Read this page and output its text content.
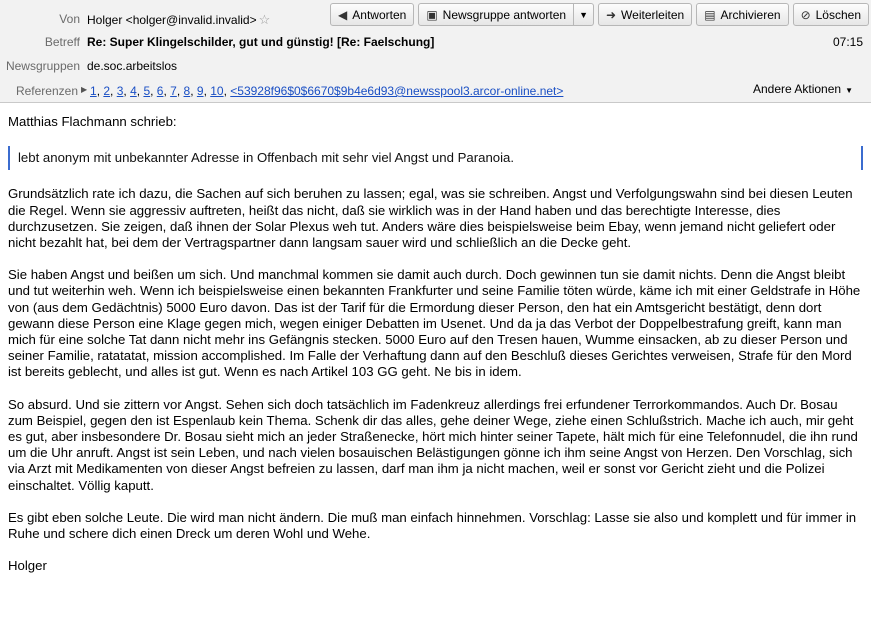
Von Holger <holger@invalid.invalid> ☆	◀ Antworten ▣ Newsgruppe antworten ▼ ➜ Weiterleiten ▤ Archivieren ⊘ Löschen
Betreff Re: Super Klingelschilder, gut und günstig! [Re: Faelschung]	07:15
Newsgruppen de.soc.arbeitslos
Referenzen ▶ 1, 2, 3, 4, 5, 6, 7, 8, 9, 10, <53928f96$0$6670$9b4e6d93@newsspool3.arcor-online.net>	Andere Aktionen ▼

Matthias Flachmann schrieb:

lebt anonym mit unbekannter Adresse in Offenbach mit sehr viel Angst und Paranoia.

Grundsätzlich rate ich dazu, die Sachen auf sich beruhen zu lassen; egal, was sie schreiben. Angst und Verfolgungswahn sind bei diesen Leuten die Regel. Wenn sie aggressiv auftreten, heißt das nicht, daß sie wirklich was in der Hand haben und das berechtigte Interesse, dies durchzusetzen. Sie zeigen, daß ihnen der Solar Plexus weh tut. Anders wäre dies beispielsweise beim Ebay, wenn jemand nicht geliefert oder nicht bezahlt hat, bei dem der Vertragspartner dann langsam sauer wird und schließlich an die Decke geht.

Sie haben Angst und beißen um sich. Und manchmal kommen sie damit auch durch. Doch gewinnen tun sie damit nichts. Denn die Angst bleibt und tut weiterhin weh. Wenn ich beispielsweise einen bekannten Frankfurter und seine Familie töten würde, käme ich mit einer Geldstrafe in Höhe von (aus dem Gedächtnis) 5000 Euro davon. Das ist der Tarif für die Ermordung dieser Person, den hat ein Amtsgericht bestätigt, denn dort gewann diese Person eine Klage gegen mich, wegen einiger Debatten im Usenet. Und da ja das Verbot der Doppelbestrafung greift, kann man mich für eine solche Tat dann nicht mehr ins Gefängnis stecken. 5000 Euro auf den Tresen hauen, Wumme einsacken, ab zu dieser Person und seiner Familie, ratatatat, mission accomplished. Im Falle der Verhaftung dann auf den Beschluß dieses Gerichtes verweisen, Strafe für den Mord ist bereits geblecht, und alles ist gut. Wenn es nach Artikel 103 GG geht. Ne bis in idem.

So absurd. Und sie zittern vor Angst. Sehen sich doch tatsächlich im Fadenkreuz allerdings frei erfundener Terrorkommandos. Auch Dr. Bosau zum Beispiel, gegen den ist Espenlaub kein Thema. Schenk dir das alles, gehe deiner Wege, ziehe einen Schlußstrich. Mache ich auch, mir geht es gut, aber insbesondere Dr. Bosau sieht mich an jeder Straßenecke, hört mich hinter seiner Tapete, hält mich für eine Telefonnudel, die ihn rund um die Uhr anruft. Angst ist sein Leben, und nach vielen bosauischen Belästigungen gönne ich ihm seine Angst von Herzen. Den Vorschlag, sich via Arzt mit Medikamenten von dieser Angst befreien zu lassen, darf man ihm ja nicht machen, weil er sonst vor Gericht zieht und die Polizei einschaltet. Völlig kaputt.

Es gibt eben solche Leute. Die wird man nicht ändern. Die muß man einfach hinnehmen. Vorschlag: Lasse sie also und komplett und für immer in Ruhe und schere dich einen Dreck um deren Wohl und Wehe.

Holger
